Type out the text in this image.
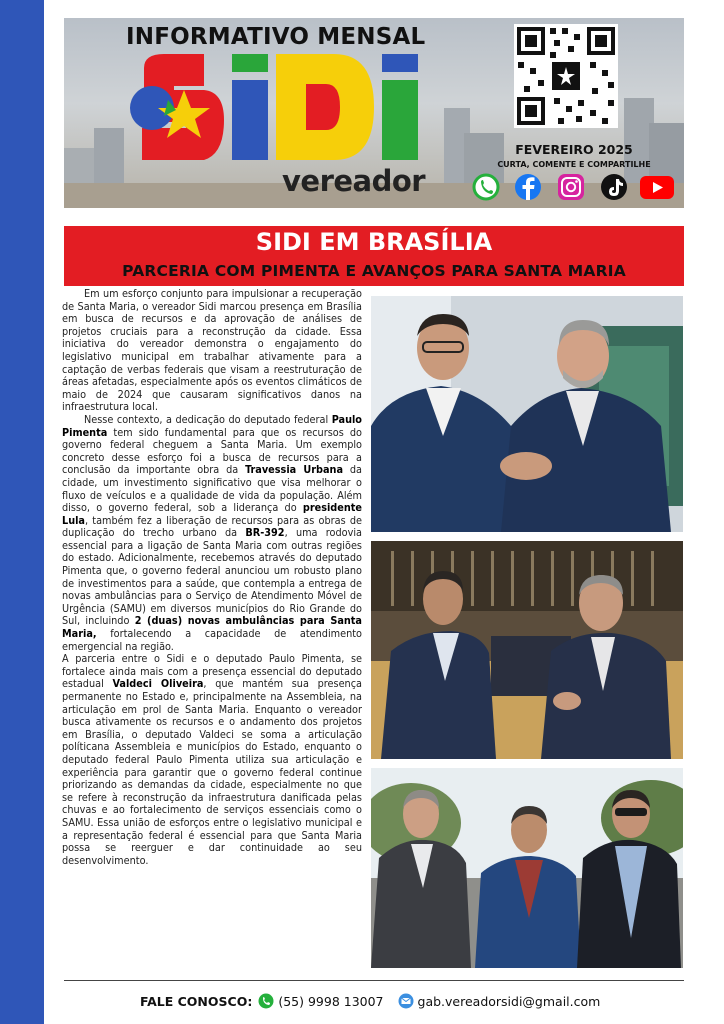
INFORMATIVO MENSAL
SiDi
vereador
FEVEREIRO 2025
CURTA, COMENTE E COMPARTILHE
SIDI EM BRASÍLIA
PARCERIA COM PIMENTA E AVANÇOS PARA SANTA MARIA

Em um esforço conjunto para impulsionar a recuperação de Santa Maria, o vereador Sidi marcou presença em Brasília em busca de recursos e da aprovação de análises de projetos cruciais para a reconstrução da cidade. Essa iniciativa do vereador demonstra o engajamento do legislativo municipal em trabalhar ativamente para a captação de verbas federais que visam a reestruturação de áreas afetadas, especialmente após os eventos climáticos de maio de 2024 que causaram significativos danos na infraestrutura local.

Nesse contexto, a dedicação do deputado federal Paulo Pimenta tem sido fundamental para que os recursos do governo federal cheguem a Santa Maria. Um exemplo concreto desse esforço foi a busca de recursos para a conclusão da importante obra da Travessia Urbana da cidade, um investimento significativo que visa melhorar o fluxo de veículos e a qualidade de vida da população. Além disso, o governo federal, sob a liderança do presidente Lula, também fez a liberação de recursos para as obras de duplicação do trecho urbano da BR-392, uma rodovia essencial para a ligação de Santa Maria com outras regiões do estado. Adicionalmente, recebemos através do deputado Pimenta que, o governo federal anunciou um robusto plano de investimentos para a saúde, que contempla a entrega de novas ambulâncias para o Serviço de Atendimento Móvel de Urgência (SAMU) em diversos municípios do Rio Grande do Sul, incluindo 2 (duas) novas ambulâncias para Santa Maria, fortalecendo a capacidade de atendimento emergencial na região.

A parceria entre o Sidi e o deputado Paulo Pimenta, se fortalece ainda mais com a presença essencial do deputado estadual Valdeci Oliveira, que mantém sua presença permanente no Estado e, principalmente na Assembleia, na articulação em prol de Santa Maria. Enquanto o vereador busca ativamente os recursos e o andamento dos projetos em Brasília, o deputado Valdeci se soma a articulação políticana Assembleia e municípios do Estado, enquanto o deputado federal Paulo Pimenta utiliza sua articulação e experiência para garantir que o governo federal continue priorizando as demandas da cidade, especialmente no que se refere à reconstrução da infraestrutura danificada pelas chuvas e ao fortalecimento de serviços essenciais como o SAMU. Essa união de esforços entre o legislativo municipal e a representação federal é essencial para que Santa Maria possa se reerguer e dar continuidade ao seu desenvolvimento.

FALE CONOSCO: (55) 9998 13007	gab.vereadorsidi@gmail.com
